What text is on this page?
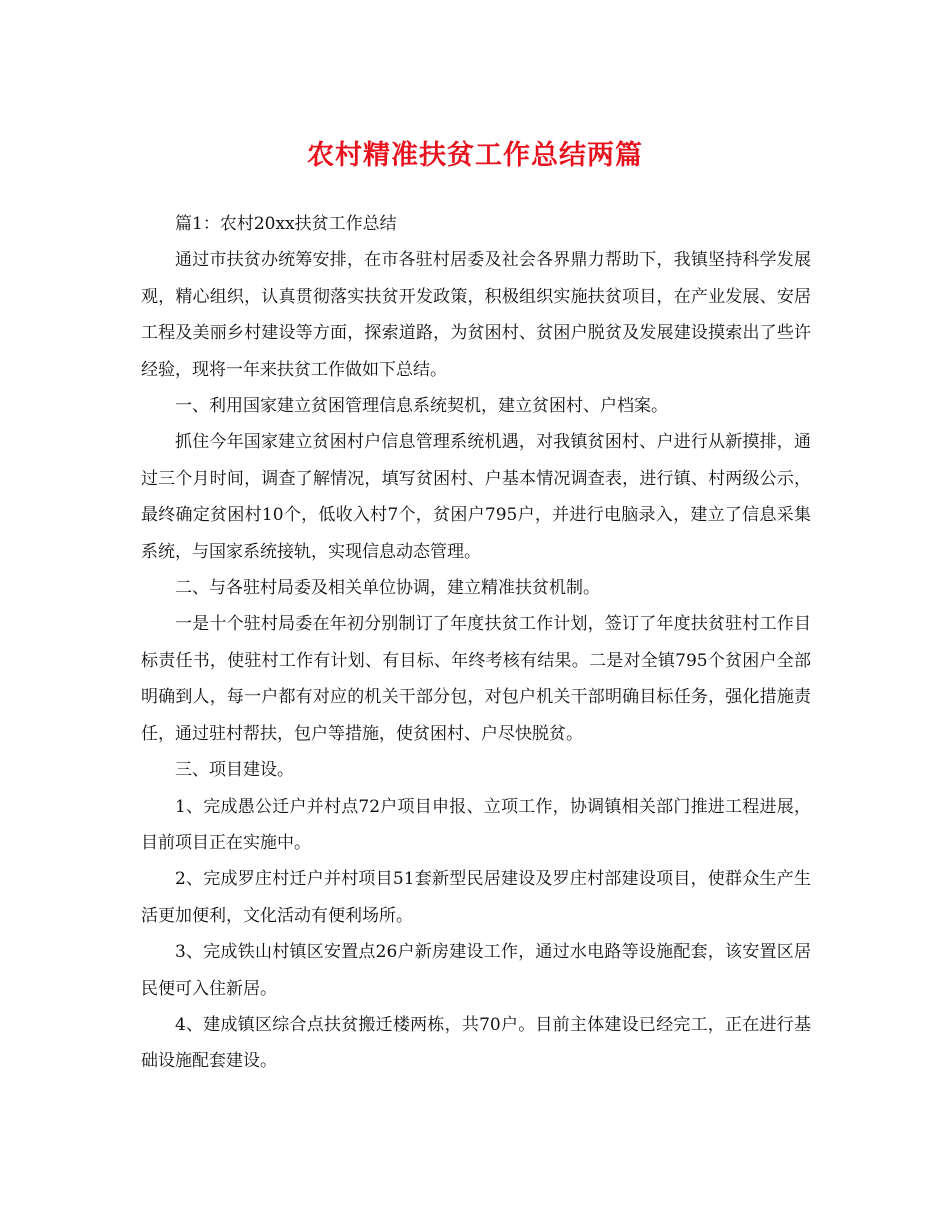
农村精准扶贫工作总结两篇

篇1：农村20xx扶贫工作总结

通过市扶贫办统筹安排，在市各驻村居委及社会各界鼎力帮助下，我镇坚持科学发展观，精心组织，认真贯彻落实扶贫开发政策，积极组织实施扶贫项目，在产业发展、安居工程及美丽乡村建设等方面，探索道路，为贫困村、贫困户脱贫及发展建设摸索出了些许经验，现将一年来扶贫工作做如下总结。

一、利用国家建立贫困管理信息系统契机，建立贫困村、户档案。

抓住今年国家建立贫困村户信息管理系统机遇，对我镇贫困村、户进行从新摸排，通过三个月时间，调查了解情况，填写贫困村、户基本情况调查表，进行镇、村两级公示，最终确定贫困村10个，低收入村7个，贫困户795户，并进行电脑录入，建立了信息采集系统，与国家系统接轨，实现信息动态管理。

二、与各驻村局委及相关单位协调，建立精准扶贫机制。

一是十个驻村局委在年初分别制订了年度扶贫工作计划，签订了年度扶贫驻村工作目标责任书，使驻村工作有计划、有目标、年终考核有结果。二是对全镇795个贫困户全部明确到人，每一户都有对应的机关干部分包，对包户机关干部明确目标任务，强化措施责任，通过驻村帮扶，包户等措施，使贫困村、户尽快脱贫。

三、项目建设。

1、完成愚公迁户并村点72户项目申报、立项工作，协调镇相关部门推进工程进展，目前项目正在实施中。

2、完成罗庄村迁户并村项目51套新型民居建设及罗庄村部建设项目，使群众生产生活更加便利，文化活动有便利场所。

3、完成铁山村镇区安置点26户新房建设工作，通过水电路等设施配套，该安置区居民便可入住新居。

4、建成镇区综合点扶贫搬迁楼两栋，共70户。目前主体建设已经完工，正在进行基础设施配套建设。
